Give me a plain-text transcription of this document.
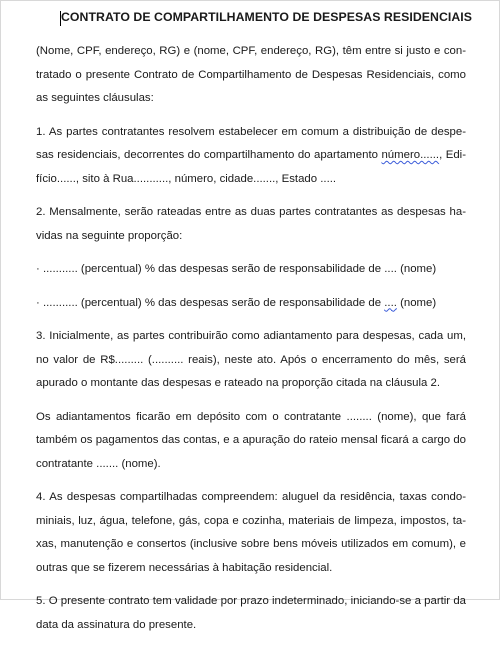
CONTRATO DE COMPARTILHAMENTO DE DESPESAS RESIDENCIAIS

(Nome, CPF, endereço, RG) e (nome, CPF, endereço, RG), têm entre si justo e con-
tratado o presente Contrato de Compartilhamento de Despesas Residenciais, como
as seguintes cláusulas:

1. As partes contratantes resolvem estabelecer em comum a distribuição de despe-
sas residenciais, decorrentes do compartilhamento do apartamento número......, Edi-
fício......, sito à Rua..........., número, cidade......., Estado .....

2. Mensalmente, serão rateadas entre as duas partes contratantes as despesas ha-
vidas na seguinte proporção:

· ........... (percentual) % das despesas serão de responsabilidade de .... (nome)

· ........... (percentual) % das despesas serão de responsabilidade de .... (nome)

3. Inicialmente, as partes contribuirão como adiantamento para despesas, cada um,
no valor de R$......... (.......... reais), neste ato. Após o encerramento do mês, será
apurado o montante das despesas e rateado na proporção citada na cláusula 2.

Os adiantamentos ficarão em depósito com o contratante ........ (nome), que fará
também os pagamentos das contas, e a apuração do rateio mensal ficará a cargo do
contratante ....... (nome).

4. As despesas compartilhadas compreendem: aluguel da residência, taxas condo-
miniais, luz, água, telefone, gás, copa e cozinha, materiais de limpeza, impostos, ta-
xas, manutenção e consertos (inclusive sobre bens móveis utilizados em comum), e
outras que se fizerem necessárias à habitação residencial.

5. O presente contrato tem validade por prazo indeterminado, iniciando-se a partir da
data da assinatura do presente.
